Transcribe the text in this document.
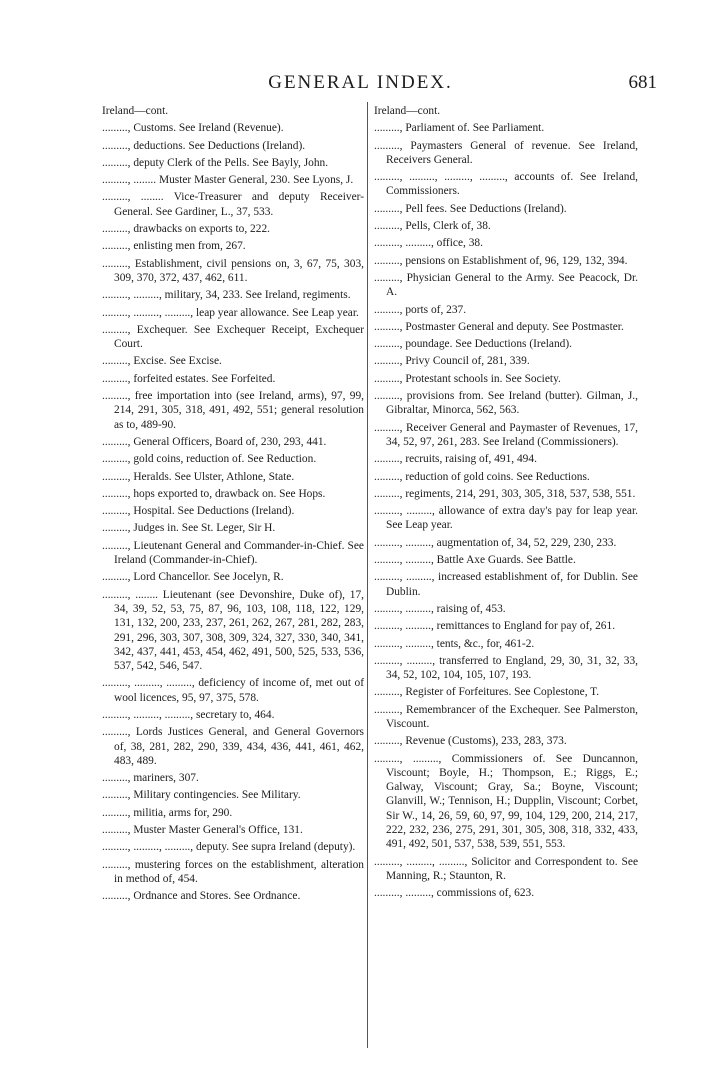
GENERAL INDEX.	681
Ireland—cont.
........., Customs. See Ireland (Revenue).
........., deductions. See Deductions (Ireland).
........., deputy Clerk of the Pells. See Bayly, John.
........., ........ Muster Master General, 230. See Lyons, J.
........., ........ Vice-Treasurer and deputy Receiver-General. See Gardiner, L., 37, 533.
........., drawbacks on exports to, 222.
........., enlisting men from, 267.
........., Establishment, civil pensions on, 3, 67, 75, 303, 309, 370, 372, 437, 462, 611.
........., ........., military, 34, 233. See Ireland, regiments.
........., ........., ........., leap year allowance. See Leap year.
........., Exchequer. See Exchequer Receipt, Exchequer Court.
........., Excise. See Excise.
........., forfeited estates. See Forfeited.
........., free importation into (see Ireland, arms), 97, 99, 214, 291, 305, 318, 491, 492, 551; general resolution as to, 489-90.
........., General Officers, Board of, 230, 293, 441.
........., gold coins, reduction of. See Reduction.
........., Heralds. See Ulster, Athlone, State.
........., hops exported to, drawback on. See Hops.
........., Hospital. See Deductions (Ireland).
........., Judges in. See St. Leger, Sir H.
........., Lieutenant General and Commander-in-Chief. See Ireland (Commander-in-Chief).
........., Lord Chancellor. See Jocelyn, R.
........., ........ Lieutenant (see Devonshire, Duke of), 17, 34, 39, 52, 53, 75, 87, 96, 103, 108, 118, 122, 129, 131, 132, 200, 233, 237, 261, 262, 267, 281, 282, 283, 291, 296, 303, 307, 308, 309, 324, 327, 330, 340, 341, 342, 437, 441, 453, 454, 462, 491, 500, 525, 533, 536, 537, 542, 546, 547.
........., ........., ........., deficiency of income of, met out of wool licences, 95, 97, 375, 578.
........., ........., ........., secretary to, 464.
........., Lords Justices General, and General Governors of, 38, 281, 282, 290, 339, 434, 436, 441, 461, 462, 483, 489.
........., mariners, 307.
........., Military contingencies. See Military.
........., militia, arms for, 290.
........., Muster Master General's Office, 131.
........., ........., ........., deputy. See supra Ireland (deputy).
........., mustering forces on the establishment, alteration in method of, 454.
........., Ordnance and Stores. See Ordnance.
Ireland—cont.
........., Parliament of. See Parliament.
........., Paymasters General of revenue. See Ireland, Receivers General.
........., ........., ........., ........., accounts of. See Ireland, Commissioners.
........., Pell fees. See Deductions (Ireland).
........., Pells, Clerk of, 38.
........., ........., office, 38.
........., pensions on Establishment of, 96, 129, 132, 394.
........., Physician General to the Army. See Peacock, Dr. A.
........., ports of, 237.
........., Postmaster General and deputy. See Postmaster.
........., poundage. See Deductions (Ireland).
........., Privy Council of, 281, 339.
........., Protestant schools in. See Society.
........., provisions from. See Ireland (butter). Gilman, J., Gibraltar, Minorca, 562, 563.
........., Receiver General and Paymaster of Revenues, 17, 34, 52, 97, 261, 283. See Ireland (Commissioners).
........., recruits, raising of, 491, 494.
........., reduction of gold coins. See Reductions.
........., regiments, 214, 291, 303, 305, 318, 537, 538, 551.
........., ........., allowance of extra day's pay for leap year. See Leap year.
........., ........., augmentation of, 34, 52, 229, 230, 233.
........., ........., Battle Axe Guards. See Battle.
........., ........., increased establishment of, for Dublin. See Dublin.
........., ........., raising of, 453.
........., ........., remittances to England for pay of, 261.
........., ........., tents, &c., for, 461-2.
........., ........., transferred to England, 29, 30, 31, 32, 33, 34, 52, 102, 104, 105, 107, 193.
........., Register of Forfeitures. See Coplestone, T.
........., Remembrancer of the Exchequer. See Palmerston, Viscount.
........., Revenue (Customs), 233, 283, 373.
........., ........., Commissioners of. See Duncannon, Viscount; Boyle, H.; Thompson, E.; Riggs, E.; Galway, Viscount; Gray, Sa.; Boyne, Viscount; Glanvill, W.; Tennison, H.; Dupplin, Viscount; Corbet, Sir W., 14, 26, 59, 60, 97, 99, 104, 129, 200, 214, 217, 222, 232, 236, 275, 291, 301, 305, 308, 318, 332, 433, 491, 492, 501, 537, 538, 539, 551, 553.
........., ........., ........., Solicitor and Correspondent to. See Manning, R.; Staunton, R.
........., ........., commissions of, 623.
